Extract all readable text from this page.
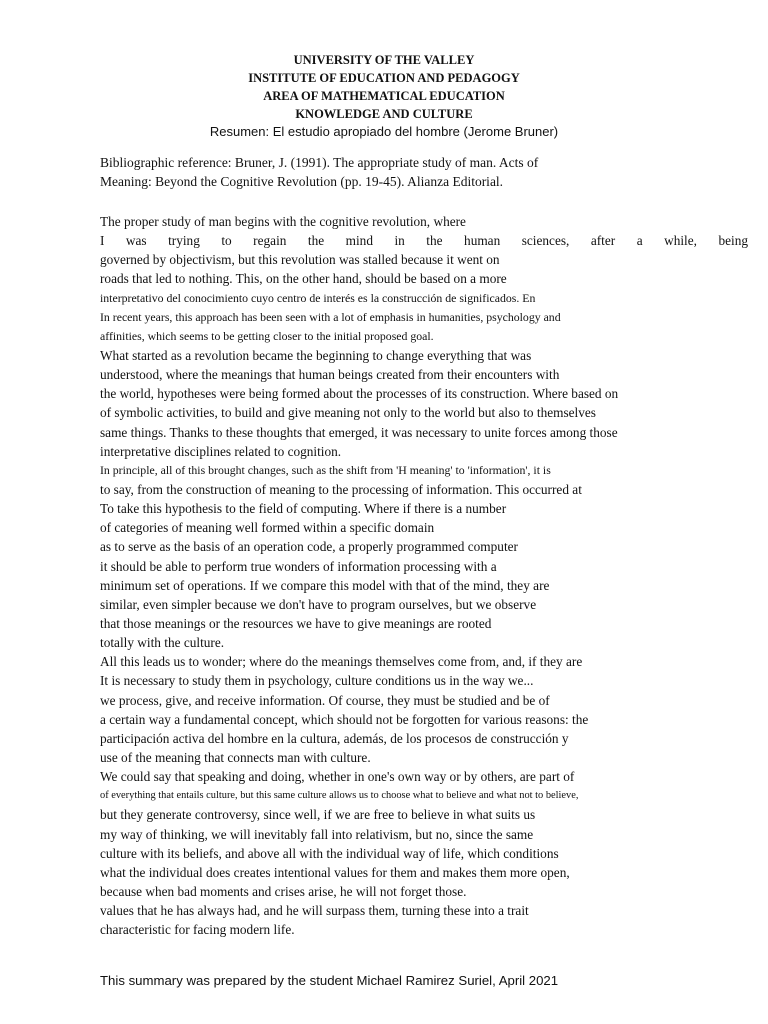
UNIVERSITY OF THE VALLEY
INSTITUTE OF EDUCATION AND PEDAGOGY
AREA OF MATHEMATICAL EDUCATION
KNOWLEDGE AND CULTURE
Resumen: El estudio apropiado del hombre (Jerome Bruner)
Bibliographic reference: Bruner, J. (1991). The appropriate study of man. Acts of
Meaning: Beyond the Cognitive Revolution (pp. 19-45). Alianza Editorial.
The proper study of man begins with the cognitive revolution, where
I was trying to regain the mind in the human sciences, after a while, being
governed by objectivism, but this revolution was stalled because it went on
roads that led to nothing. This, on the other hand, should be based on a more
interpretativo del conocimiento cuyo centro de interés es la construcción de significados. En
In recent years, this approach has been seen with a lot of emphasis in humanities, psychology and
affinities, which seems to be getting closer to the initial proposed goal.
What started as a revolution became the beginning to change everything that was
understood, where the meanings that human beings created from their encounters with
the world, hypotheses were being formed about the processes of its construction. Where based on
of symbolic activities, to build and give meaning not only to the world but also to themselves
same things. Thanks to these thoughts that emerged, it was necessary to unite forces among those
interpretative disciplines related to cognition.
In principle, all of this brought changes, such as the shift from 'H meaning' to 'information', it is
to say, from the construction of meaning to the processing of information. This occurred at
To take this hypothesis to the field of computing. Where if there is a number
of categories of meaning well formed within a specific domain
as to serve as the basis of an operation code, a properly programmed computer
it should be able to perform true wonders of information processing with a
minimum set of operations. If we compare this model with that of the mind, they are
similar, even simpler because we don't have to program ourselves, but we observe
that those meanings or the resources we have to give meanings are rooted
totally with the culture.
All this leads us to wonder; where do the meanings themselves come from, and, if they are
It is necessary to study them in psychology, culture conditions us in the way we...
we process, give, and receive information. Of course, they must be studied and be of
a certain way a fundamental concept, which should not be forgotten for various reasons: the
participación activa del hombre en la cultura, además, de los procesos de construcción y
use of the meaning that connects man with culture.
We could say that speaking and doing, whether in one's own way or by others, are part of
of everything that entails culture, but this same culture allows us to choose what to believe and what not to believe,
but they generate controversy, since well, if we are free to believe in what suits us
my way of thinking, we will inevitably fall into relativism, but no, since the same
culture with its beliefs, and above all with the individual way of life, which conditions
what the individual does creates intentional values for them and makes them more open,
because when bad moments and crises arise, he will not forget those.
values that he has always had, and he will surpass them, turning these into a trait
characteristic for facing modern life.
This summary was prepared by the student Michael Ramirez Suriel, April 2021
